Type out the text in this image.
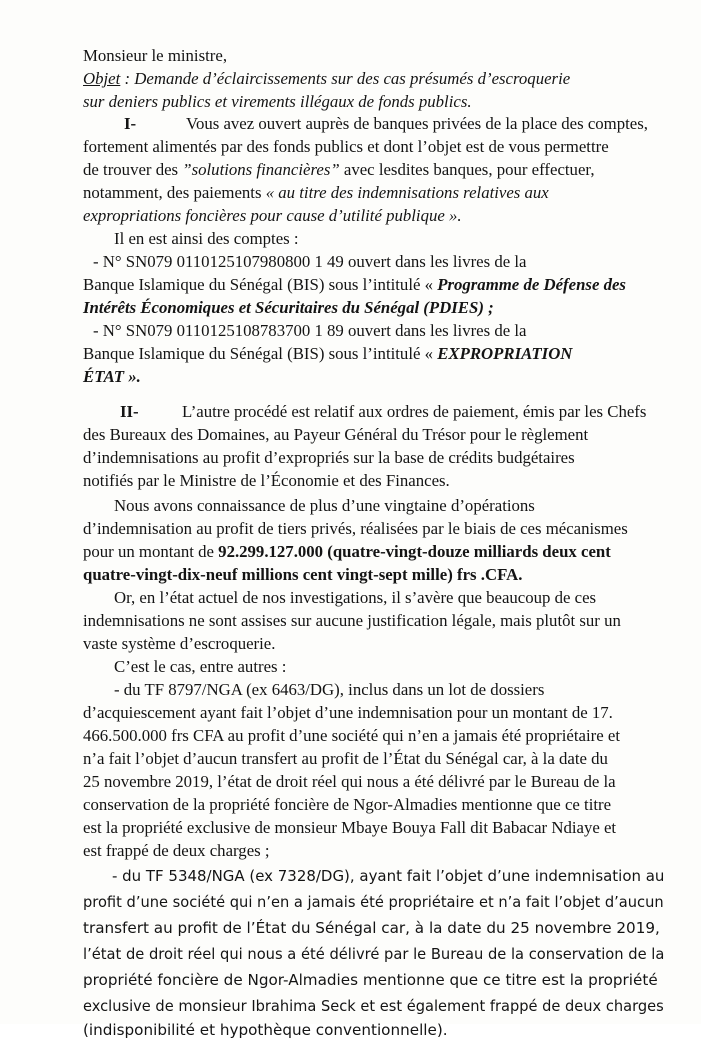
Monsieur le ministre,
Objet : Demande d’éclaircissements sur des cas présumés d’escroquerie
sur deniers publics et virements illégaux de fonds publics.
I-	Vous avez ouvert auprès de banques privées de la place des comptes,
fortement alimentés par des fonds publics et dont l’objet est de vous permettre
de trouver des ”solutions financières” avec lesdites banques, pour effectuer,
notamment, des paiements « au titre des indemnisations relatives aux
expropriations foncières pour cause d’utilité publique ».
Il en est ainsi des comptes :
- N° SN079 0110125107980800 1 49 ouvert dans les livres de la
Banque Islamique du Sénégal (BIS) sous l’intitulé « Programme de Défense des
Intérêts Économiques et Sécuritaires du Sénégal (PDIES) ;
- N° SN079 0110125108783700 1 89 ouvert dans les livres de la
Banque Islamique du Sénégal (BIS) sous l’intitulé « EXPROPRIATION
ÉTAT ».
II-	L’autre procédé est relatif aux ordres de paiement, émis par les Chefs
des Bureaux des Domaines, au Payeur Général du Trésor pour le règlement
d’indemnisations au profit d’expropriés sur la base de crédits budgétaires
notifiés par le Ministre de l’Économie et des Finances.
Nous avons connaissance de plus d’une vingtaine d’opérations
d’indemnisation au profit de tiers privés, réalisées par le biais de ces mécanismes
pour un montant de 92.299.127.000 (quatre-vingt-douze milliards deux cent
quatre-vingt-dix-neuf millions cent vingt-sept mille) frs .CFA.
Or, en l’état actuel de nos investigations, il s’avère que beaucoup de ces
indemnisations ne sont assises sur aucune justification légale, mais plutôt sur un
vaste système d’escroquerie.
C’est le cas, entre autres :
- du TF 8797/NGA (ex 6463/DG), inclus dans un lot de dossiers
d’acquiescement ayant fait l’objet d’une indemnisation pour un montant de 17.
466.500.000 frs CFA au profit d’une société qui n’en a jamais été propriétaire et
n’a fait l’objet d’aucun transfert au profit de l’État du Sénégal car, à la date du
25 novembre 2019, l’état de droit réel qui nous a été délivré par le Bureau de la
conservation de la propriété foncière de Ngor-Almadies mentionne que ce titre
est la propriété exclusive de monsieur Mbaye Bouya Fall dit Babacar Ndiaye et
est frappé de deux charges ;
- du TF 5348/NGA (ex 7328/DG), ayant fait l’objet d’une indemnisation au
profit d’une société qui n’en a jamais été propriétaire et n’a fait l’objet d’aucun
transfert au profit de l’État du Sénégal car, à la date du 25 novembre 2019,
l’état de droit réel qui nous a été délivré par le Bureau de la conservation de la
propriété foncière de Ngor-Almadies mentionne que ce titre est la propriété
exclusive de monsieur Ibrahima Seck et est également frappé de deux charges
(indisponibilité et hypothèque conventionnelle).
